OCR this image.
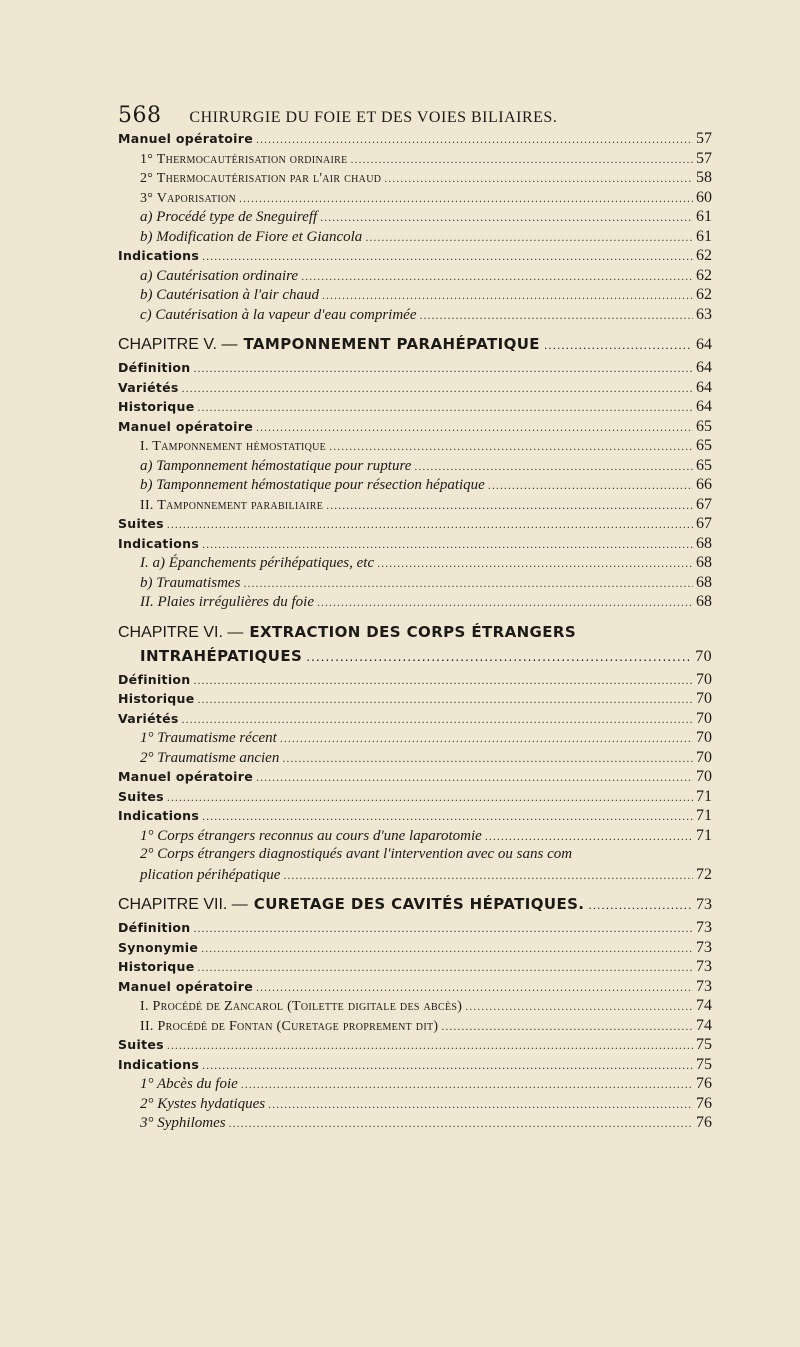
568 CHIRURGIE DU FOIE ET DES VOIES BILIAIRES.
Manuel opératoire .....	57
1° Thermocautérisation ordinaire .....	57
2° Thermocautérisation par l'air chaud .....	58
3° Vaporisation .....	60
a) Procédé type de Sneguireff .....	61
b) Modification de Fiore et Giancola .....	61
Indications .....	62
a) Cautérisation ordinaire .....	62
b) Cautérisation à l'air chaud .....	62
c) Cautérisation à la vapeur d'eau comprimée .....	63
CHAPITRE V. — TAMPONNEMENT PARAHÉPATIQUE .....	64
Définition .....	64
Variétés .....	64
Historique .....	64
Manuel opératoire .....	65
I. Tamponnement hémostatique .....	65
a) Tamponnement hémostatique pour rupture .....	65
b) Tamponnement hémostatique pour résection hépatique .....	66
II. Tamponnement parabiliaire .....	67
Suites .....	67
Indications .....	68
I. a) Épanchements périhépatiques, etc .....	68
b) Traumatismes .....	68
II. Plaies irrégulières du foie .....	68
CHAPITRE VI. — EXTRACTION DES CORPS ÉTRANGERS
INTRAHÉPATIQUES .....	70
Définition .....	70
Historique .....	70
Variétés .....	70
1° Traumatisme récent .....	70
2° Traumatisme ancien .....	70
Manuel opératoire .....	70
Suites .....	71
Indications .....	71
1° Corps étrangers reconnus au cours d'une laparotomie .....	71
2° Corps étrangers diagnostiqués avant l'intervention avec ou sans com
plication périhépatique .....	72
CHAPITRE VII. — CURETAGE DES CAVITÉS HÉPATIQUES. .....	73
Définition .....	73
Synonymie .....	73
Historique .....	73
Manuel opératoire .....	73
I. Procédé de Zancarol (Toilette digitale des abcès) .....	74
II. Procédé de Fontan (Curetage proprement dit) .....	74
Suites .....	75
Indications .....	75
1° Abcès du foie .....	76
2° Kystes hydatiques .....	76
3° Syphilomes .....	76
